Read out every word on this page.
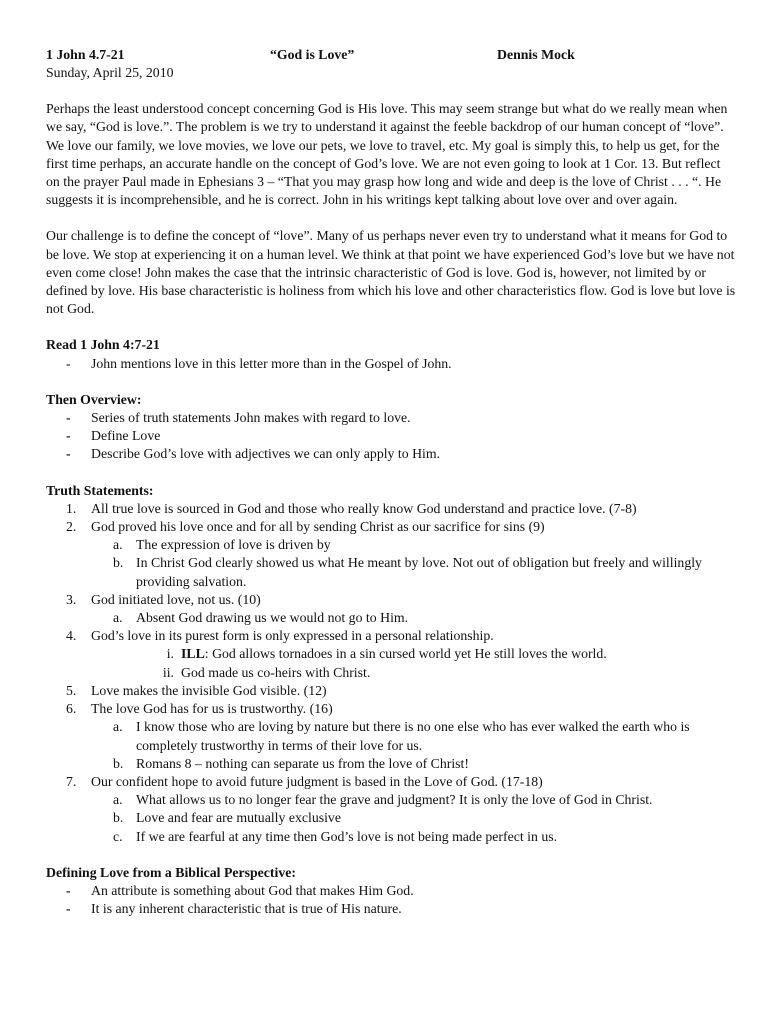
1 John 4.7-21	“God is Love”	Dennis Mock
Sunday, April 25, 2010

Perhaps the least understood concept concerning God is His love. This may seem strange but what do we really mean when we say, “God is love.”. The problem is we try to understand it against the feeble backdrop of our human concept of “love”. We love our family, we love movies, we love our pets, we love to travel, etc. My goal is simply this, to help us get, for the first time perhaps, an accurate handle on the concept of God’s love. We are not even going to look at 1 Cor. 13. But reflect on the prayer Paul made in Ephesians 3 – “That you may grasp how long and wide and deep is the love of Christ . . . “. He suggests it is incomprehensible, and he is correct. John in his writings kept talking about love over and over again.

Our challenge is to define the concept of “love”. Many of us perhaps never even try to understand what it means for God to be love. We stop at experiencing it on a human level. We think at that point we have experienced God’s love but we have not even come close! John makes the case that the intrinsic characteristic of God is love. God is, however, not limited by or defined by love. His base characteristic is holiness from which his love and other characteristics flow. God is love but love is not God.

Read 1 John 4:7-21
- John mentions love in this letter more than in the Gospel of John.
Then Overview:
- Series of truth statements John makes with regard to love.
- Define Love
- Describe God’s love with adjectives we can only apply to Him.
Truth Statements:
1. All true love is sourced in God and those who really know God understand and practice love. (7-8)
2. God proved his love once and for all by sending Christ as our sacrifice for sins (9)
a. The expression of love is driven by
b. In Christ God clearly showed us what He meant by love. Not out of obligation but freely and willingly providing salvation.
3. God initiated love, not us. (10)
a. Absent God drawing us we would not go to Him.
4. God’s love in its purest form is only expressed in a personal relationship.
i. ILL: God allows tornadoes in a sin cursed world yet He still loves the world.
ii. God made us co-heirs with Christ.
5. Love makes the invisible God visible. (12)
6. The love God has for us is trustworthy. (16)
a. I know those who are loving by nature but there is no one else who has ever walked the earth who is completely trustworthy in terms of their love for us.
b. Romans 8 – nothing can separate us from the love of Christ!
7. Our confident hope to avoid future judgment is based in the Love of God. (17-18)
a. What allows us to no longer fear the grave and judgment? It is only the love of God in Christ.
b. Love and fear are mutually exclusive
c. If we are fearful at any time then God’s love is not being made perfect in us.
Defining Love from a Biblical Perspective:
- An attribute is something about God that makes Him God.
- It is any inherent characteristic that is true of His nature.
